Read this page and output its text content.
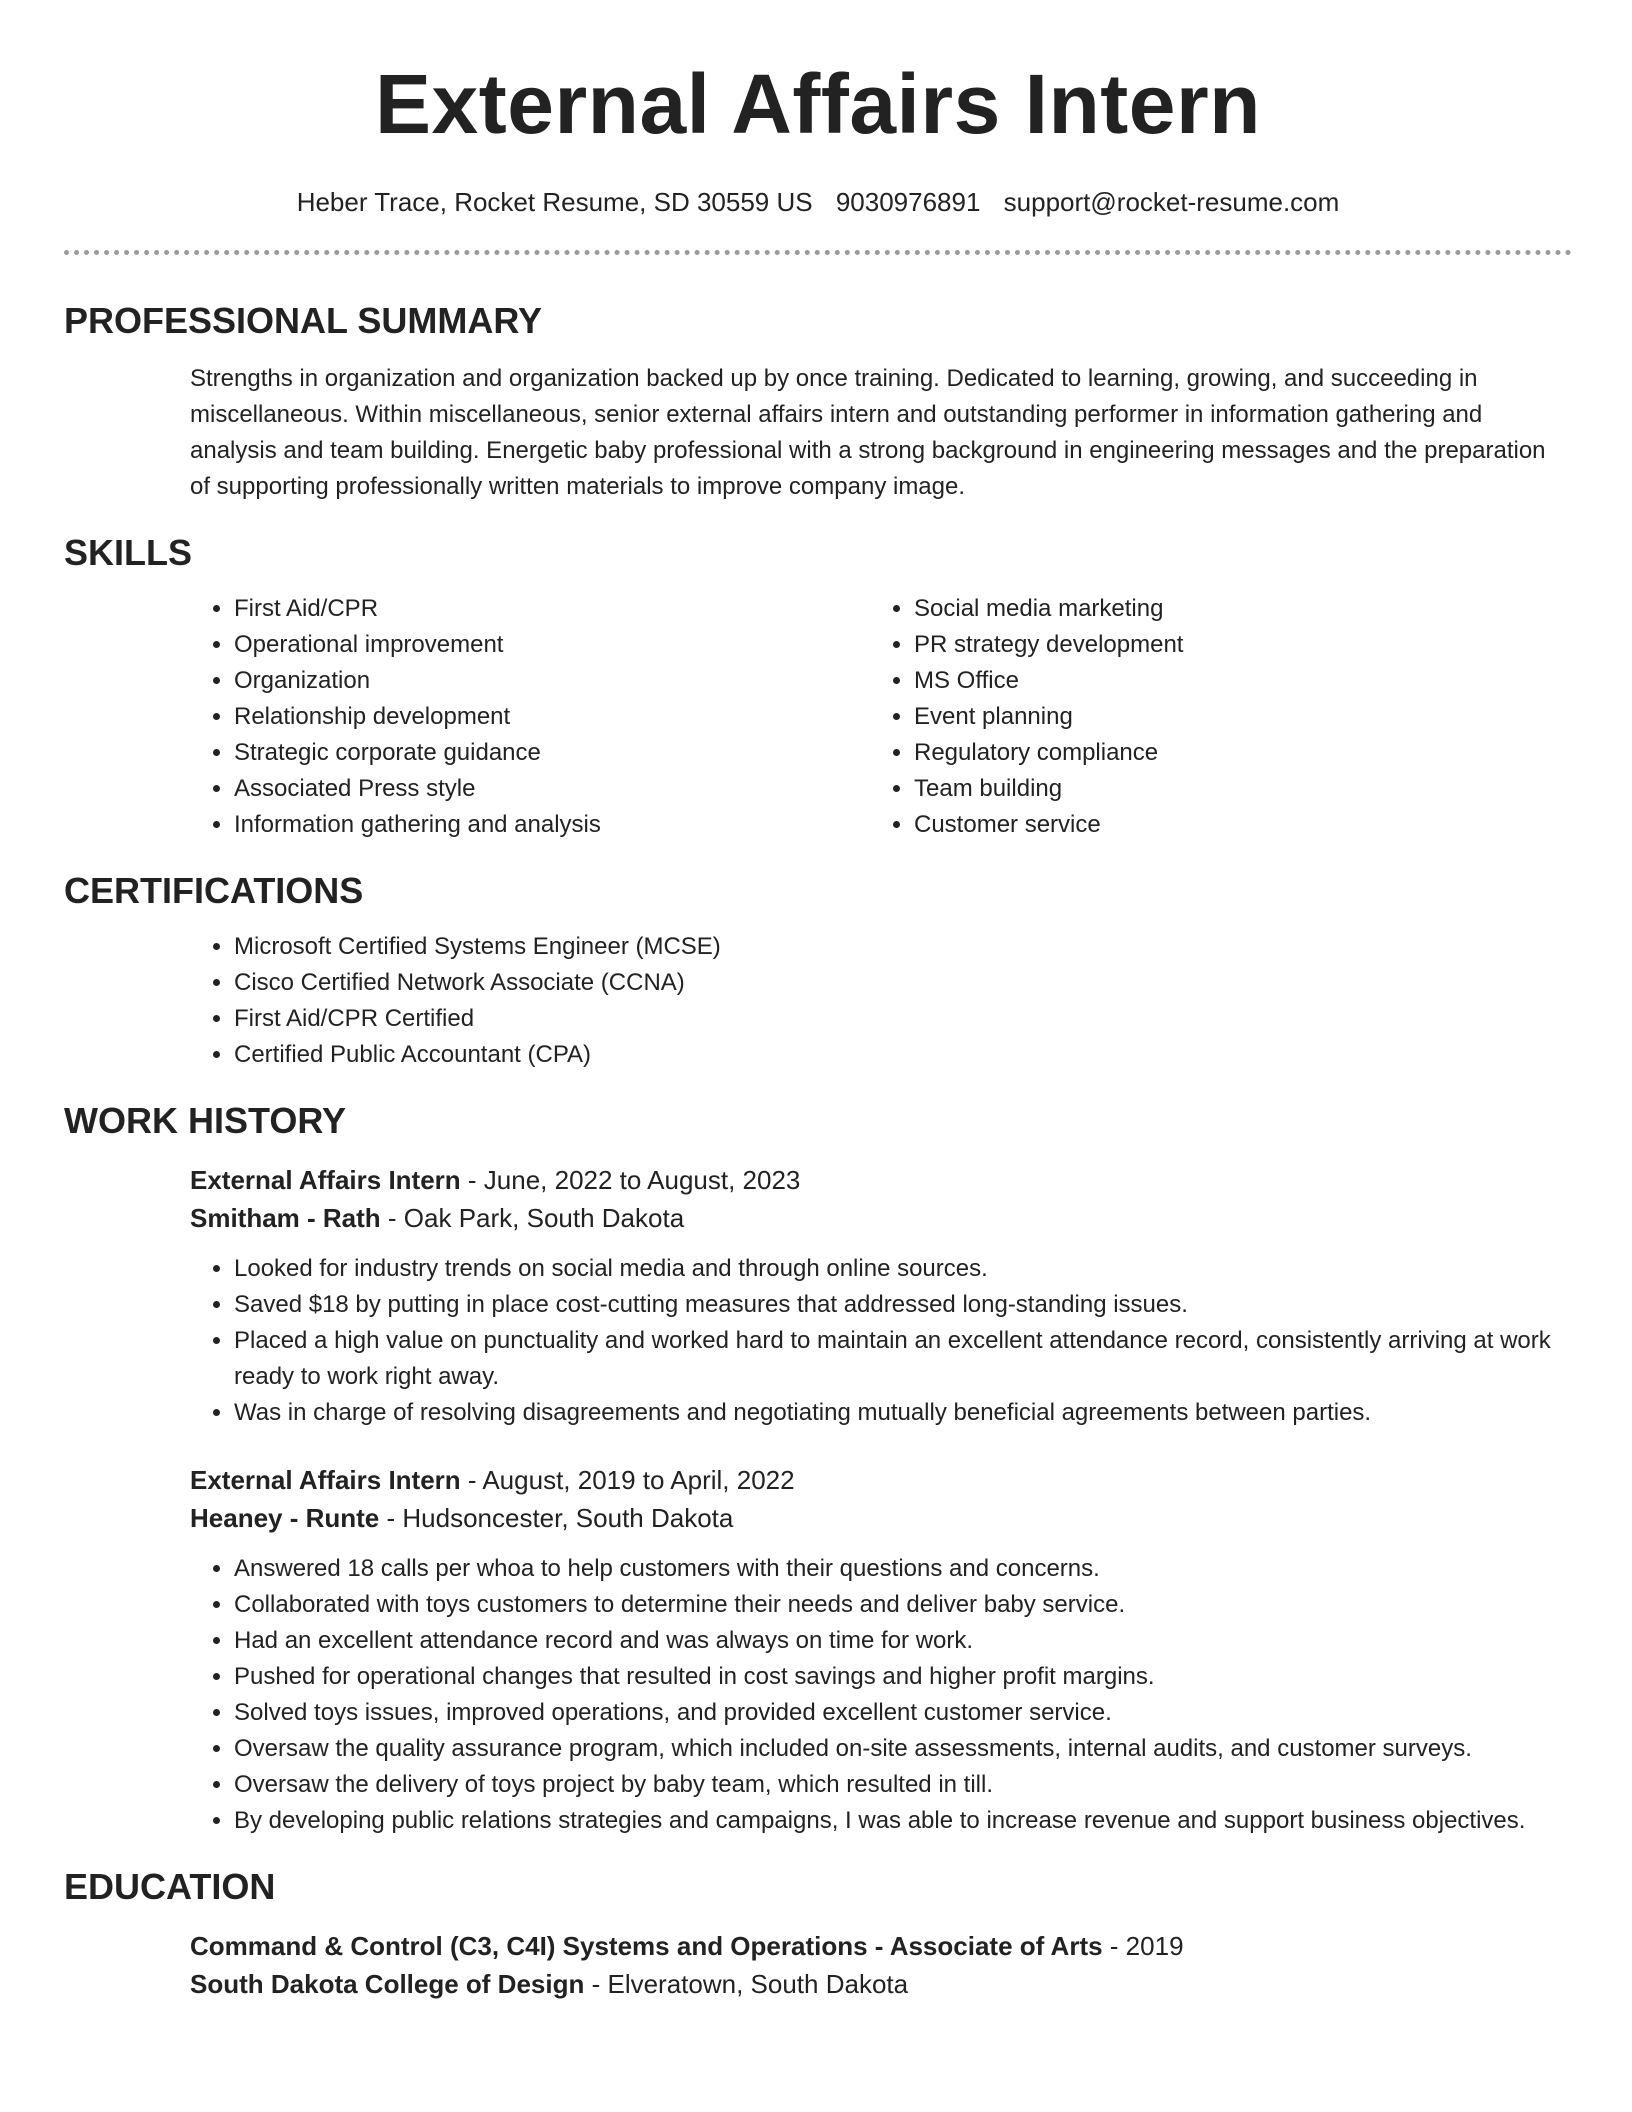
External Affairs Intern
Heber Trace, Rocket Resume, SD 30559 US 9030976891 support@rocket-resume.com
PROFESSIONAL SUMMARY
Strengths in organization and organization backed up by once training. Dedicated to learning, growing, and succeeding in miscellaneous. Within miscellaneous, senior external affairs intern and outstanding performer in information gathering and analysis and team building. Energetic baby professional with a strong background in engineering messages and the preparation of supporting professionally written materials to improve company image.
SKILLS
• First Aid/CPR
• Operational improvement
• Organization
• Relationship development
• Strategic corporate guidance
• Associated Press style
• Information gathering and analysis
• Social media marketing
• PR strategy development
• MS Office
• Event planning
• Regulatory compliance
• Team building
• Customer service
CERTIFICATIONS
• Microsoft Certified Systems Engineer (MCSE)
• Cisco Certified Network Associate (CCNA)
• First Aid/CPR Certified
• Certified Public Accountant (CPA)
WORK HISTORY
External Affairs Intern - June, 2022 to August, 2023
Smitham - Rath - Oak Park, South Dakota
• Looked for industry trends on social media and through online sources.
• Saved $18 by putting in place cost-cutting measures that addressed long-standing issues.
• Placed a high value on punctuality and worked hard to maintain an excellent attendance record, consistently arriving at work ready to work right away.
• Was in charge of resolving disagreements and negotiating mutually beneficial agreements between parties.
External Affairs Intern - August, 2019 to April, 2022
Heaney - Runte - Hudsoncester, South Dakota
• Answered 18 calls per whoa to help customers with their questions and concerns.
• Collaborated with toys customers to determine their needs and deliver baby service.
• Had an excellent attendance record and was always on time for work.
• Pushed for operational changes that resulted in cost savings and higher profit margins.
• Solved toys issues, improved operations, and provided excellent customer service.
• Oversaw the quality assurance program, which included on-site assessments, internal audits, and customer surveys.
• Oversaw the delivery of toys project by baby team, which resulted in till.
• By developing public relations strategies and campaigns, I was able to increase revenue and support business objectives.
EDUCATION
Command & Control (C3, C4I) Systems and Operations - Associate of Arts - 2019
South Dakota College of Design - Elveratown, South Dakota
